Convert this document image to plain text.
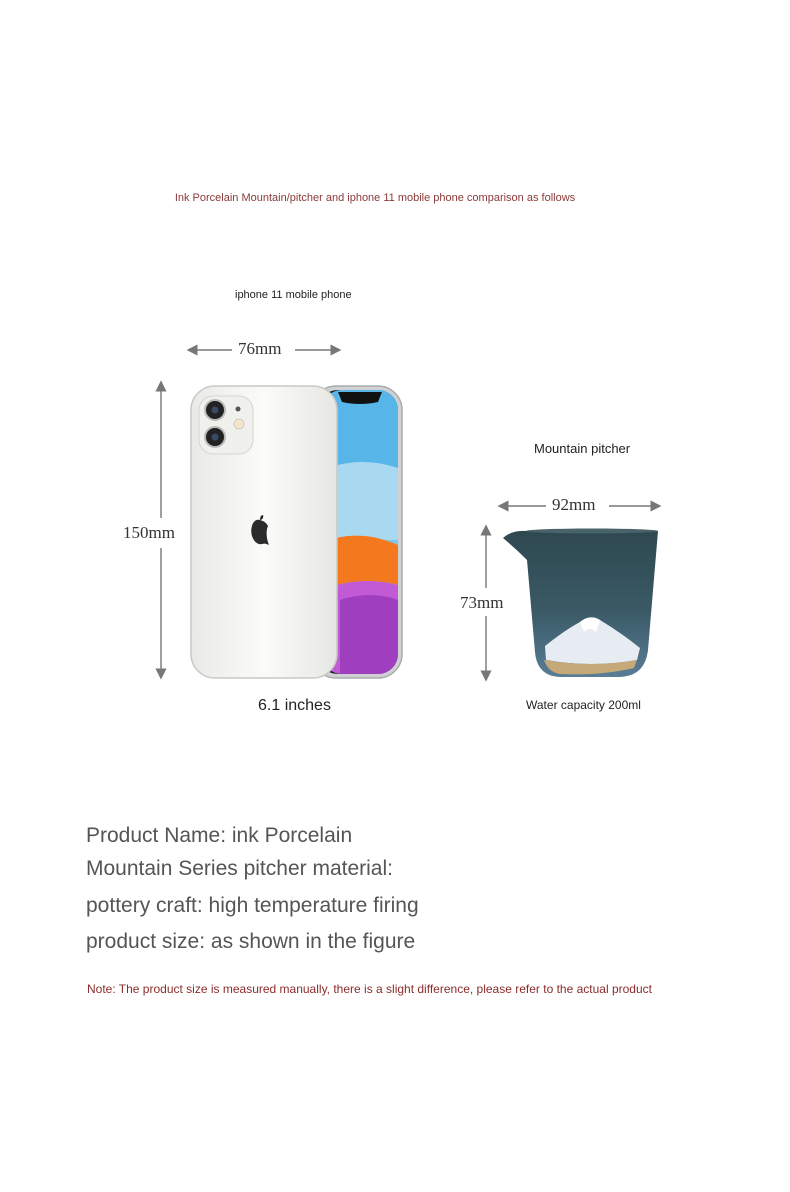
Ink Porcelain Mountain/pitcher and iphone 11 mobile phone comparison as follows
iphone 11 mobile phone
Mountain pitcher
76mm
150mm
6.1 inches
92mm
73mm
Water capacity 200ml
Product Name: ink Porcelain
Mountain Series pitcher material:
pottery craft: high temperature firing
product size: as shown in the figure
Note: The product size is measured manually, there is a slight difference, please refer to the actual product
